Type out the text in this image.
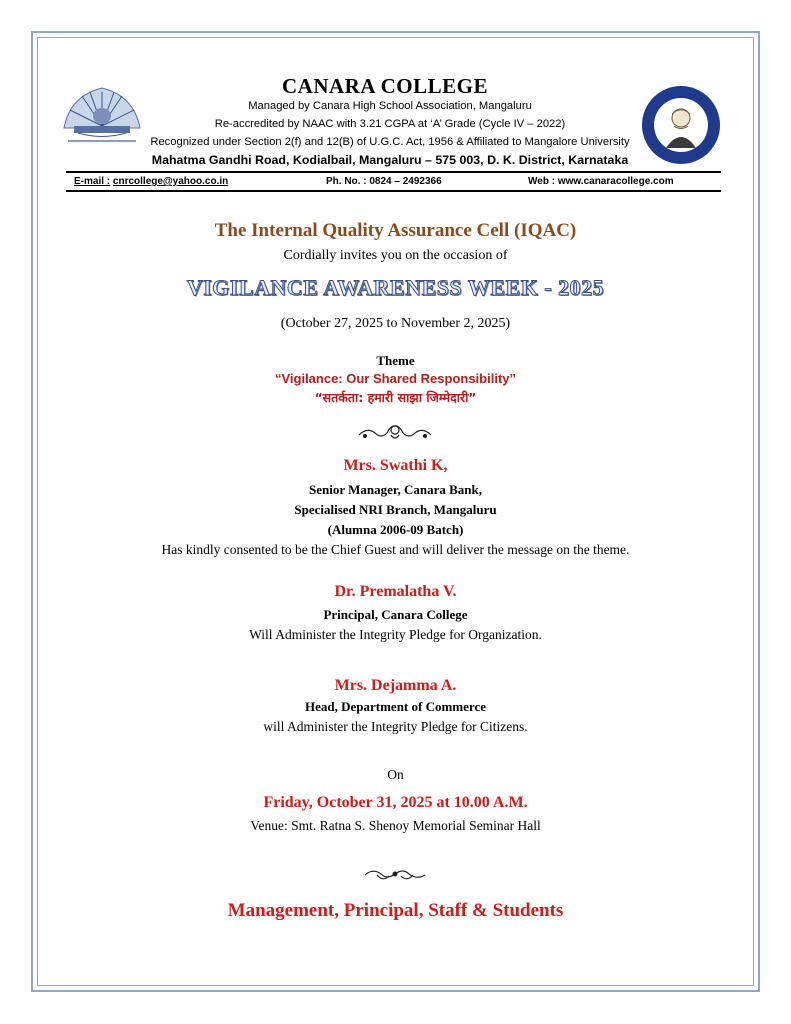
CANARA COLLEGE
Managed by Canara High School Association, Mangaluru
Re-accredited by NAAC with 3.21 CGPA at ‘A’ Grade (Cycle IV – 2022)
Recognized under Section 2(f) and 12(B) of U.G.C. Act, 1956 & Affiliated to Mangalore University
Mahatma Gandhi Road, Kodialbail, Mangaluru – 575 003, D. K. District, Karnataka
E-mail : cnrcollege@yahoo.co.in	Ph. No. : 0824 – 2492366	Web : www.canaracollege.com
The Internal Quality Assurance Cell (IQAC)
Cordially invites you on the occasion of
VIGILANCE AWARENESS WEEK - 2025
(October 27, 2025 to November 2, 2025)
Theme
“Vigilance: Our Shared Responsibility”
“सतर्कता: हमारी साझा जिम्मेदारी”
Mrs. Swathi K,
Senior Manager, Canara Bank,
Specialised NRI Branch, Mangaluru
(Alumna 2006-09 Batch)
Has kindly consented to be the Chief Guest and will deliver the message on the theme.
Dr. Premalatha V.
Principal, Canara College
Will Administer the Integrity Pledge for Organization.
Mrs. Dejamma A.
Head, Department of Commerce
will Administer the Integrity Pledge for Citizens.
On
Friday, October 31, 2025 at 10.00 A.M.
Venue: Smt. Ratna S. Shenoy Memorial Seminar Hall
Management, Principal, Staff & Students
